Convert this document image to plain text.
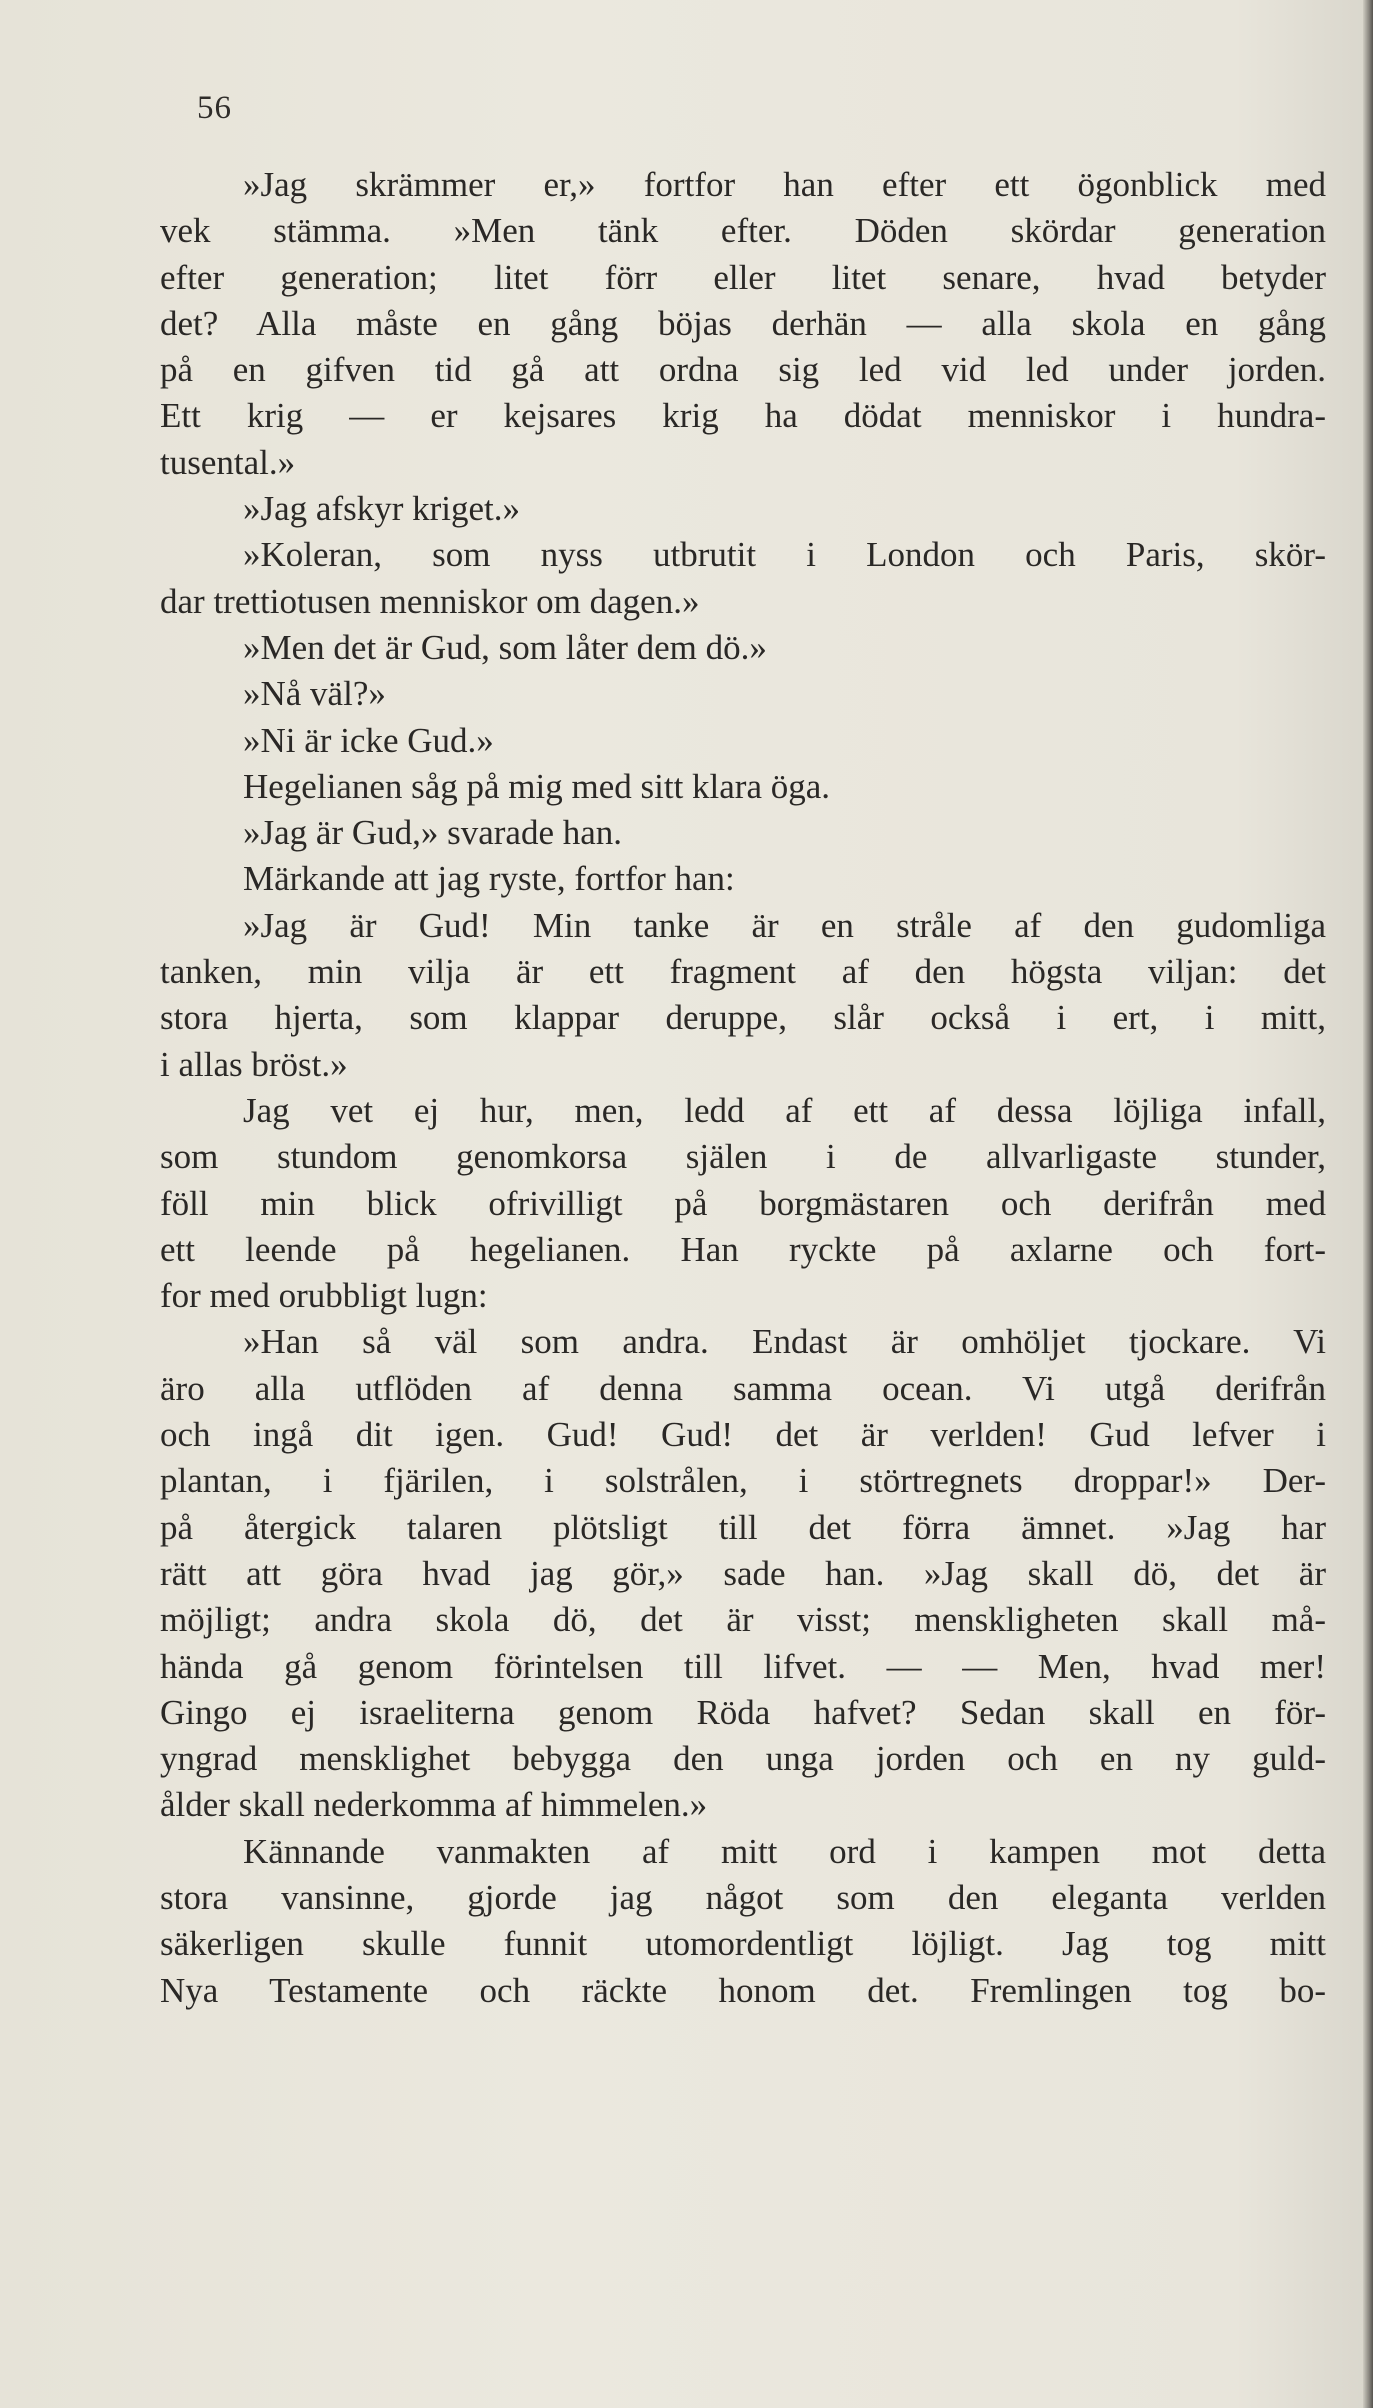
56
»Jag skrämmer er,» fortfor han efter ett ögonblick med
vek stämma. »Men tänk efter. Döden skördar generation
efter generation; litet förr eller litet senare, hvad betyder
det? Alla måste en gång böjas derhän — alla skola en gång
på en gifven tid gå att ordna sig led vid led under jorden.
Ett krig — er kejsares krig ha dödat menniskor i hundra-
tusental.»
»Jag afskyr kriget.»
»Koleran, som nyss utbrutit i London och Paris, skör-
dar trettiotusen menniskor om dagen.»
»Men det är Gud, som låter dem dö.»
»Nå väl?»
»Ni är icke Gud.»
Hegelianen såg på mig med sitt klara öga.
»Jag är Gud,» svarade han.
Märkande att jag ryste, fortfor han:
»Jag är Gud! Min tanke är en stråle af den gudomliga
tanken, min vilja är ett fragment af den högsta viljan: det
stora hjerta, som klappar deruppe, slår också i ert, i mitt,
i allas bröst.»
Jag vet ej hur, men, ledd af ett af dessa löjliga infall,
som stundom genomkorsa själen i de allvarligaste stunder,
föll min blick ofrivilligt på borgmästaren och derifrån med
ett leende på hegelianen. Han ryckte på axlarne och fort-
for med orubbligt lugn:
»Han så väl som andra. Endast är omhöljet tjockare. Vi
äro alla utflöden af denna samma ocean. Vi utgå derifrån
och ingå dit igen. Gud! Gud! det är verlden! Gud lefver i
plantan, i fjärilen, i solstrålen, i störtregnets droppar!» Der-
på återgick talaren plötsligt till det förra ämnet. »Jag har
rätt att göra hvad jag gör,» sade han. »Jag skall dö, det är
möjligt; andra skola dö, det är visst; menskligheten skall må-
hända gå genom förintelsen till lifvet. — — Men, hvad mer!
Gingo ej israeliterna genom Röda hafvet? Sedan skall en för-
yngrad mensklighet bebygga den unga jorden och en ny guld-
ålder skall nederkomma af himmelen.»
Kännande vanmakten af mitt ord i kampen mot detta
stora vansinne, gjorde jag något som den eleganta verlden
säkerligen skulle funnit utomordentligt löjligt. Jag tog mitt
Nya Testamente och räckte honom det. Fremlingen tog bo-
